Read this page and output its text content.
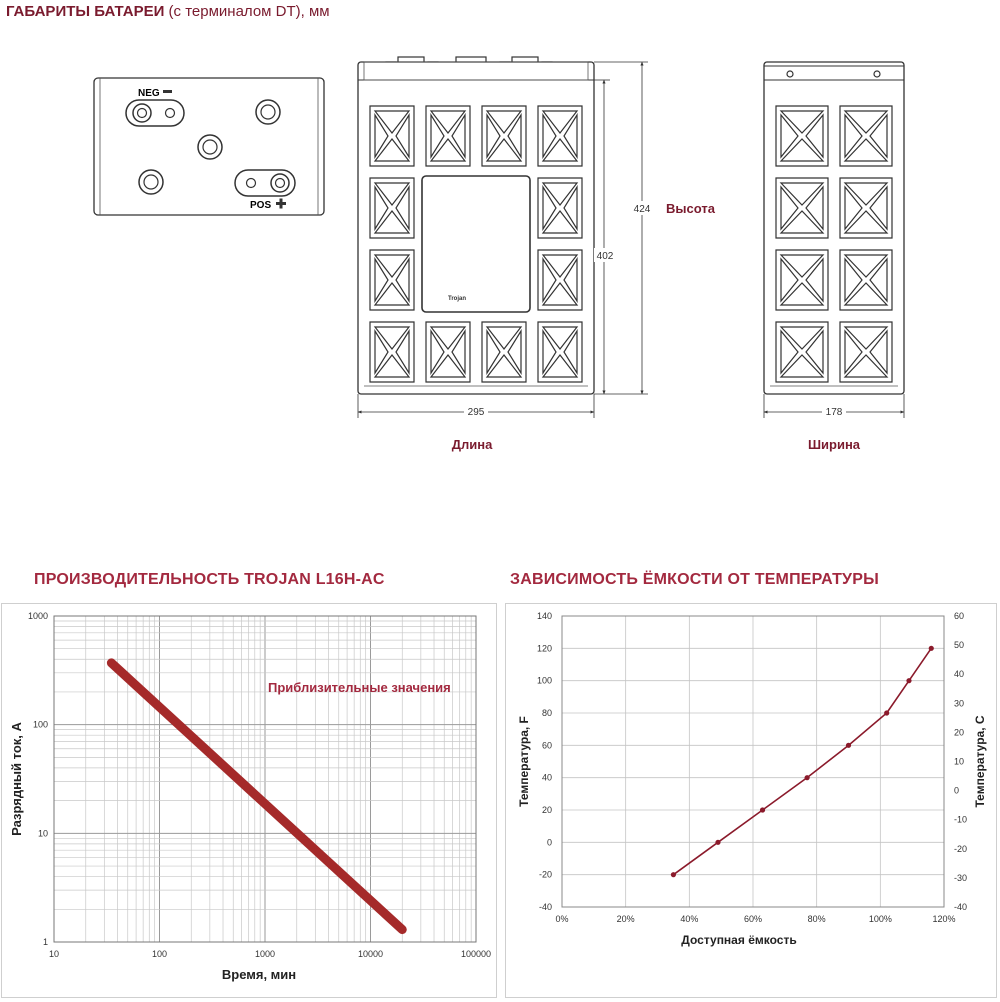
ГАБАРИТЫ БАТАРЕИ (с терминалом DT), мм
NEG
POS
Trojan
424
402
Высота
295	178
Длина	Ширина
ПРОИЗВОДИТЕЛЬНОСТЬ TROJAN L16H-AC	ЗАВИСИМОСТЬ ЁМКОСТИ ОТ ТЕМПЕРАТУРЫ
10	100	1000	10000	100000
1
10
100
1000
Время, мин
Разрядный ток, А
Приблизительные значения
0%	20%	40%	60%	80%	100%	120%
-40
-20
0
20
40
60
80
100
120
140
-40
-30
-20
-10
0
10
20
30
40
50
60
Доступная ёмкость
Температура, F	Температура, С
